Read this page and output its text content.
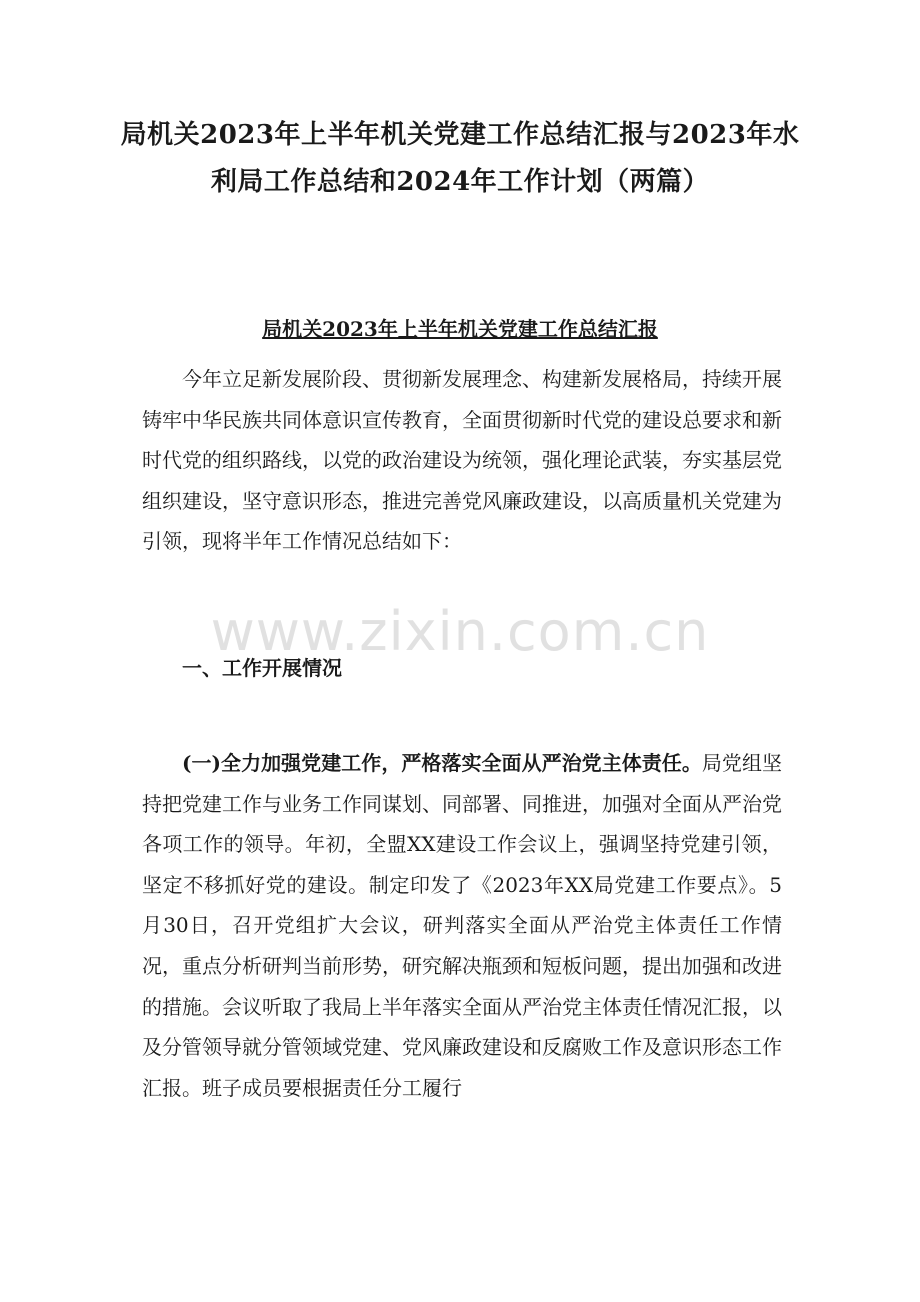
www.zixin.com.cn
局机关2023年上半年机关党建工作总结汇报与2023年水利局工作总结和2024年工作计划（两篇）
局机关2023年上半年机关党建工作总结汇报

今年立足新发展阶段、贯彻新发展理念、构建新发展格局，持续开展铸牢中华民族共同体意识宣传教育，全面贯彻新时代党的建设总要求和新时代党的组织路线，以党的政治建设为统领，强化理论武装，夯实基层党组织建设，坚守意识形态，推进完善党风廉政建设，以高质量机关党建为引领，现将半年工作情况总结如下：

一、工作开展情况

(一)全力加强党建工作，严格落实全面从严治党主体责任。局党组坚持把党建工作与业务工作同谋划、同部署、同推进，加强对全面从严治党各项工作的领导。年初，全盟XX建设工作会议上，强调坚持党建引领，坚定不移抓好党的建设。制定印发了《2023年XX局党建工作要点》。5月30日，召开党组扩大会议，研判落实全面从严治党主体责任工作情况，重点分析研判当前形势，研究解决瓶颈和短板问题，提出加强和改进的措施。会议听取了我局上半年落实全面从严治党主体责任情况汇报，以及分管领导就分管领域党建、党风廉政建设和反腐败工作及意识形态工作汇报。班子成员要根据责任分工履行
